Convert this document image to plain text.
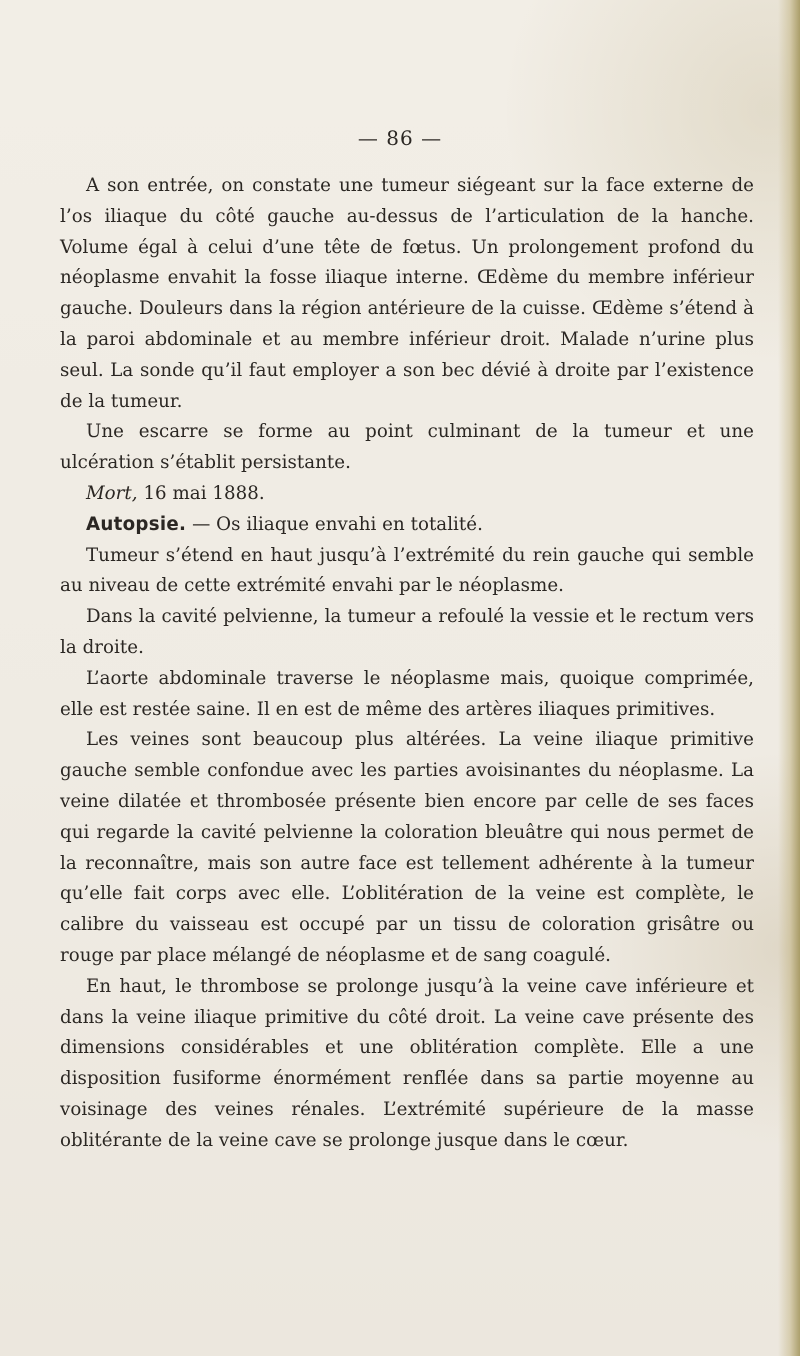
— 86 —

A son entrée, on constate une tumeur siégeant sur la face externe de l’os iliaque du côté gauche au-dessus de l’articulation de la hanche. Volume égal à celui d’une tête de fœtus. Un prolongement profond du néoplasme envahit la fosse iliaque interne. Œdème du membre inférieur gauche. Douleurs dans la région antérieure de la cuisse. Œdème s’étend à la paroi abdominale et au membre inférieur droit. Malade n’urine plus seul. La sonde qu’il faut employer a son bec dévié à droite par l’existence de la tumeur.

Une escarre se forme au point culminant de la tumeur et une ulcération s’établit persistante.

Mort, 16 mai 1888.

Autopsie. — Os iliaque envahi en totalité.

Tumeur s’étend en haut jusqu’à l’extrémité du rein gauche qui semble au niveau de cette extrémité envahi par le néoplasme.

Dans la cavité pelvienne, la tumeur a refoulé la vessie et le rectum vers la droite.

L’aorte abdominale traverse le néoplasme mais, quoique comprimée, elle est restée saine. Il en est de même des artères iliaques primitives.

Les veines sont beaucoup plus altérées. La veine iliaque primitive gauche semble confondue avec les parties avoisinantes du néoplasme. La veine dilatée et thrombosée présente bien encore par celle de ses faces qui regarde la cavité pelvienne la coloration bleuâtre qui nous permet de la reconnaître, mais son autre face est tellement adhérente à la tumeur qu’elle fait corps avec elle. L’oblitération de la veine est complète, le calibre du vaisseau est occupé par un tissu de coloration grisâtre ou rouge par place mélangé de néoplasme et de sang coagulé.

En haut, le thrombose se prolonge jusqu’à la veine cave inférieure et dans la veine iliaque primitive du côté droit. La veine cave présente des dimensions considérables et une oblitération complète. Elle a une disposition fusiforme énormément renflée dans sa partie moyenne au voisinage des veines rénales. L’extrémité supérieure de la masse oblitérante de la veine cave se prolonge jusque dans le cœur.
